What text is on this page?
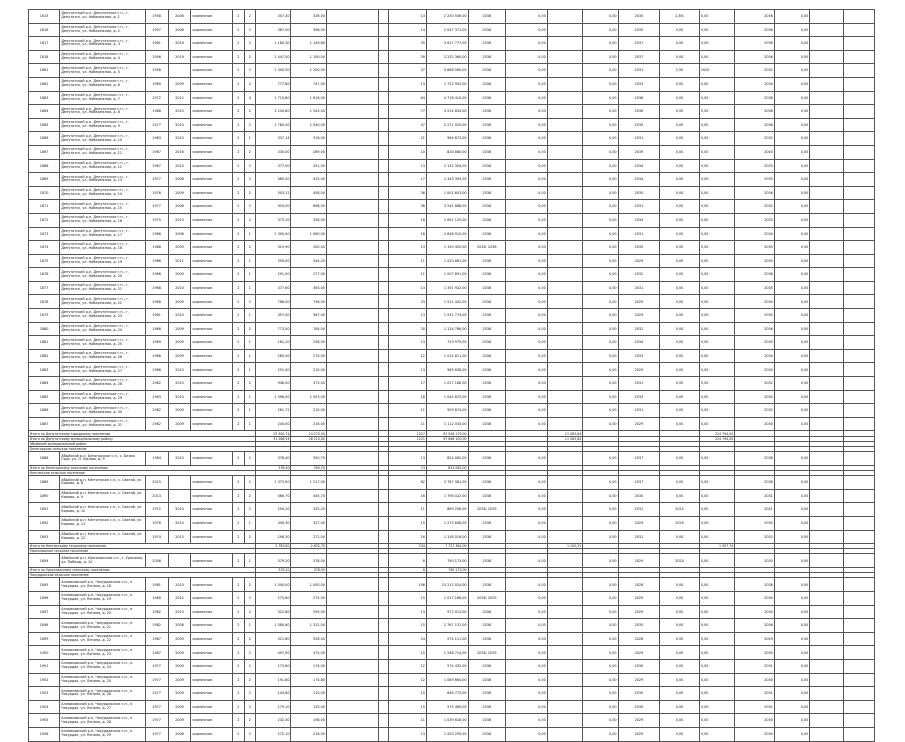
1815	Депутатский р-н, Депутатское г.п., г. Депутатск, ул. Набережная, д. 1	1958	2006	кирпичные	2	2	357,30	326,00			13	2 250 506,00	2038	0,00		0,00	2035	2,8%	0,00	2036	0,00		
1816	Депутатский р-н, Депутатское г.п., г. Депутатск, ул. Набережная, д. 2	1957	2008	кирпичные	2	2	387,00	396,00			14	2 047 371,00	2038	0,00		0,00	2035	0,00	0,00	2036	0,00		
1817	Депутатский р-н, Депутатское г.п., г. Депутатск, ул. Набережная, д. 3	1961	2016	кирпичные	2	2	1 180,30	1 149,60			35	3 617 777,00	2038	0,00		0,00	2037	0,00	0,00	2038	0,00		
1818	Депутатский р-н, Депутатское г.п., г. Депутатск, ул. Набережная, д. 4	1956	2019	кирпичные	2	2	1 447,50	1 100,00			39	3 232 360,00	2038	0,00		0,00	2037	0,00	0,00	2036	0,00		
1861	Депутатский р-н, Депутатское г.п., г. Депутатск, ул. Набережная, д. 5	1958		кирпичные	2	2	1 300,50	1 200,00			37	3 668 560,00	2038	0,00		0,00	2031	2,50	2020	2032	0,00		
1862	Депутатский р-н, Депутатское г.п., г. Депутатск, ул. Набережная, д. 6	1969	2009	кирпичные	2	2	777,80	747,00			13	1 722 903,00	2038	0,00		0,00	2033	0,00	0,00	2034	0,00		
1863	Депутатский р-н, Депутатское г.п., г. Депутатск, ул. Набережная, д. 7	1972	2012	кирпичные	2	4	1 715,80	1 618,00			64	4 718 410,00	2038	0,00		0,00	2038	0,00	0,00	2038	0,00		
1864	Депутатский р-н, Депутатское г.п., г. Депутатск, ул. Набережная, д. 8	1968	2010	кирпичные	2	2	1 234,80	1 543,00			77	4 514 834,00	2038	0,00		0,00	2036	0,00	0,00	2038	0,00		
1865	Депутатский р-н, Депутатское г.п., г. Депутатск, ул. Набережная, д. 9	1977	2010	кирпичные	2	2	1 780,00	1 540,00			47	5 271 020,00	2038	0,00		0,00	2035	0,00	0,00	2036	0,00		
1866	Депутатский р-н, Депутатское г.п., г. Депутатск, ул. Набережная, д. 10	1963	2010	кирпичные	2	1	337,14	316,00			21	964 673,00	2038	0,00		0,00	2031	0,00	0,00	2032	0,00		
1867	Депутатский р-н, Депутатское г.п., г. Депутатск, ул. Набережная, д. 11	1967	2016	кирпичные	2	2	330,00	289,00			10	826 880,00	2038	0,00		0,00	2039	0,00	0,00	2040	0,00		
1868	Депутатский р-н, Депутатское г.п., г. Депутатск, ул. Набережная, д. 12	1967	2010	кирпичные	2	2	377,00	351,00			13	2 131 354,00	2038	0,00		0,00	2034	0,00	0,00	2033	0,00		
1869	Депутатский р-н, Депутатское г.п., г. Депутатск, ул. Набережная, д. 13	1977	2006	кирпичные	2	2	480,00	425,00			17	1 343 394,00	2038	0,00		0,00	2034	0,00	0,00	2035	0,00		
1870	Депутатский р-н, Депутатское г.п., г. Депутатск, ул. Набережная, д. 14	1976	2009	кирпичные	2	2	503,12	458,00			36	1 001 803,00	2038	0,00		0,00	2035	0,00	0,00	2036	0,00		
1871	Депутатский р-н, Депутатское г.п., г. Депутатск, ул. Набережная, д. 15	1977	2008	кирпичные	2	2	920,00	896,00			38	3 241 668,00	2038	0,00		0,00	2031	0,00	0,00	2032	0,00		
1872	Депутатский р-н, Депутатское г.п., г. Депутатск, ул. Набережная, д. 16	1975	2010	кирпичные	2	2	373,10	336,00			18	1 691 120,00	2038	0,00		0,00	2034	0,00	0,00	2033	0,00		
1873	Депутатский р-н, Депутатское г.п., г. Депутатск, ул. Набережная, д. 17	1968	2006	кирпичные	2	1	1 300,00	1 060,00			16	2 648 910,00	2038	0,00		0,00	2031	0,00	0,00	2034	0,00		
1874	Депутатский р-н, Депутатское г.п., г. Депутатск, ул. Набережная, д. 18	1968	2009	кирпичные	2	2	319,90	200,00			13	1 150 405,00	2038, 2038	0,00		0,00	2035	0,00	0,00	2035	0,00		
1875	Депутатский р-н, Депутатское г.п., г. Депутатск, ул. Набережная, д. 19	1966	2011	кирпичные	2	1	509,00	344,20			11	1 520 661,00	2038	0,00		0,00	2029	0,00	0,00	2030	0,00		
1876	Депутатский р-н, Депутатское г.п., г. Депутатск, ул. Набережная, д. 20	1966	2009	кирпичные	2	1	291,00	277,00			11	1 007 891,00	2038	0,00		0,00	2032	0,00	0,00	2036	0,00		
1877	Депутатский р-н, Депутатское г.п., г. Депутатск, ул. Набережная, д. 21	1968	2010	кирпичные	2	1	377,80	363,00			13	1 351 922,00	2038	0,00		0,00	2031	0,00	0,00	2035	0,00		
1878	Депутатский р-н, Депутатское г.п., г. Депутатск, ул. Набережная, д. 22	1968	2009	кирпичные	2	2	788,00	736,00			23	1 511 442,00	2038	0,00		0,00	2029	0,00	0,00	2030	0,00		
1879	Депутатский р-н, Депутатское г.п., г. Депутатск, ул. Набережная, д. 23	1961	2010	кирпичные	2	1	357,00	367,00			13	1 531 774,00	2038	0,00		0,00	2029	0,00	0,00	2030	0,00		
1880	Депутатский р-н, Депутатское г.п., г. Депутатск, ул. Набережная, д. 24	1968	2009	кирпичные	2	2	773,00	784,00			30	1 124 786,00	2038	0,00		0,00	2032	0,00	0,00	2036	0,00		
1881	Депутатский р-н, Депутатское г.п., г. Депутатск, ул. Набережная, д. 25	1969	2009	кирпичные	2	1	181,20	258,00			13	723 975,00	2038	0,00		0,00	2034	0,00	0,00	2035	0,00		
1882	Депутатский р-н, Депутатское г.п., г. Депутатск, ул. Набережная, д. 26	1968	2009	кирпичные	2	1	285,00	275,00			12	1 014 611,00	2038	0,00		0,00	2033	0,00	0,00	2034	0,00		
1883	Депутатский р-н, Депутатское г.п., г. Депутатск, ул. Набережная, д. 27	1968	2010	кирпичные	2	1	251,00	215,00			13	965 636,00	2038	0,00		0,00	2029	0,00	0,00	2030	0,00		
1884	Депутатский р-н, Депутатское г.п., г. Депутатск, ул. Набережная, д. 28	1962	2010	кирпичные	2	2	946,00	373,00			17	1 027 186,00	2038	0,00		0,00	2031	0,00	0,00	2032	0,00		
1885	Депутатский р-н, Депутатское г.п., г. Депутатск, ул. Набережная, д. 29	1963	2010	кирпичные	2	1	1 098,00	1 053,00			18	1 044 675,00	2038	0,00		0,00	2033	0,00	0,00	2034	0,00		
1886	Депутатский р-н, Депутатское г.п., г. Депутатск, ул. Набережная, д. 30	1962	2009	кирпичные	2	1	261,72	215,00			11	909 874,00	2038	0,00		0,00	2031	0,00	0,00	2032	0,00		
1887	Депутатский р-н, Депутатское г.п., г. Депутатск, ул. Набережная, д. 31	1962	2009	кирпичные	2	1	244,00	216,00			11	1 112 034,00	2038	0,00		0,00	2029	0,00	0,00	2030	0,00		
Итого по Депутатскому городскому поселению							25 300,74	24 270,00			1027	67 548 179,00			11 083,64				224 794,00				
Итого по Депутатскому муниципальному району							31 288,54	28 210,00			1221	97 666 100,00			11 083,64				224 794,00				
Абыйский муниципальный район																							
Белогорское сельское поселение																							
1888	Абыйский р-н, Белогорское с.п., с. Белая Гора, ул. Л. Попова, д. 9	1984	2010	кирпичные	2	2	378,40	350,70			13	824 062,00	2038	0,00		0,00	2037	0,00	0,00	2038	0,00		
Итого по Белогорскому сельскому поселению							378,40	350,70			13	824 062,00											
Кенгинское сельское поселение																							
1889	Абыйский р-н, Кенгинское с.п., с. Сватай, ул. Кирова, д. 8	2015		кирпичные	2	2	1 373,90	1 217,00			62	3 767 081,00	2038	0,00		0,00	2037	0,00	0,00	2038	0,00		
1890	Абыйский р-н, Кенгинское с.п., с. Сватай, ул. Кирова, д. 9	2013		кирпичные	2	2	466,70	445,70			16	1 798 022,00	2038	0,00		0,00	2030	0,00	0,00	2031	0,00		
1891	Абыйский р-н, Кенгинское с.п., с. Сватай, ул. Кирова, д. 10	1972	2010	кирпичные	2	2	294,20	325,20			11	869 206,00	2038, 2029	0,00		0,00	2031	2021	0,00	2021	0,00		
1892	Абыйский р-н, Кенгинское с.п., с. Сватай, ул. Кирова, д. 11	1978	2014	кирпичные	2	1	349,30	327,00			15	1 273 646,00	2038	0,00		0,00	2029	2020	0,00	2030	0,00		
1893	Абыйский р-н, Кенгинское с.п., с. Сватай, ул. Кирова, д. 12	1974	2015	кирпичные	2	2	298,30	272,00			16	1 158 016,00	2038	0,00		0,00	2031	0,00	0,00	2032	0,00		
Итого по Кенгинскому сельскому поселению							2 783,80	2 632,70			234	7 727 384,00			1 105,31				1 957,74				
Урасалахское сельское поселение																							
1894	Абыйский р-н, Урасалахское с.п., с. Урасалах, ул. Победы, д. 10	2008		кирпичные	2	1	379,20	378,00			8	790 173,00	2038	0,00		0,00	2029	2020	0,00	2030	0,00		
Итого по Урасалахскому сельскому поселению							379,20	378,00			8	790 173,00											
Чокурдахское сельское поселение																							
1895	Аллаиховский р-н, Чокурдахское с.п., п. Чокурдах, ул. Ленина, д. 18	1981	2010	кирпичные	2	2	1 000,00	1 000,00			198	15 212 024,00	2038	0,00		0,00	2028	0,00	0,00	2038	0,00		
1896	Аллаиховский р-н, Чокурдахское с.п., п. Чокурдах, ул. Ленина, д. 19	1980	2012	кирпичные	2	2	275,80	275,00			15	1 017 186,00	2038, 2029	0,00		0,00	2029	0,00	0,00	2030	0,00		
1897	Аллаиховский р-н, Чокурдахское с.п., п. Чокурдах, ул. Ленина, д. 20	1982	2010	кирпичные	2	2	322,80	295,00			13	972 013,00	2038	0,00		0,00	2029	0,00	0,00	2030	0,00		
1898	Аллаиховский р-н, Чокурдахское с.п., п. Чокурдах, ул. Ленина, д. 21	1982	2008	кирпичные	2	1	1 380,60	1 312,00			15	2 767 137,00	2038	0,00		0,00	2035	0,00	0,00	2036	0,00		
1899	Аллаиховский р-н, Чокурдахское с.п., п. Чокурдах, ул. Ленина, д. 22	1987	2009	кирпичные	2	2	511,80	526,00			24	974 111,00	2038	0,00		0,00	2028	0,00	0,00	2029	0,00		
1900	Аллаиховский р-н, Чокурдахское с.п., п. Чокурдах, ул. Ленина, д. 23	1987	2009	кирпичные	2	2	497,00	475,00			15	1 248 714,00	2038, 2029	0,00		0,00	2029	0,00	0,00	2030	0,00		
1901	Аллаиховский р-н, Чокурдахское с.п., п. Чокурдах, ул. Ленина, д. 24	1977	2009	кирпичные	2	2	173,60	174,00			12	574 432,00	2038	0,00		0,00	2030	0,00	0,00	2031	0,00		
1902	Аллаиховский р-н, Чокурдахское с.п., п. Чокурдах, ул. Ленина, д. 25	1977	2009	кирпичные	2	2	191,80	174,80			12	1 089 664,00	2038	0,00		0,00	2029	0,00	0,00	2030	0,00		
1903	Аллаиховский р-н, Чокурдахское с.п., п. Чокурдах, ул. Ленина, д. 26	1977	2009	кирпичные	2	2	143,60	110,00			10	646 773,00	2038	0,00		0,00	2030	0,00	0,00	2031	0,00		
1904	Аллаиховский р-н, Чокурдахское с.п., п. Чокурдах, ул. Ленина, д. 27	1977	2009	кирпичные	2	2	179,10	125,00			15	575 489,00	2038	0,00		0,00	2030	0,00	0,00	2031	0,00		
1905	Аллаиховский р-н, Чокурдахское с.п., п. Чокурдах, ул. Ленина, д. 28	1977	2009	кирпичные	2	2	232,30	198,00			11	1 039 618,00	2038	0,00		0,00	2029	0,00	0,00	2030	0,00		
1906	Аллаиховский р-н, Чокурдахское с.п., п. Чокурдах, ул. Ленина, д. 29	1977	2008	кирпичные	2	2	272,10	218,00			13	1 203 259,00	2038	0,00		0,00	2029	0,00	0,00	2030	0,00		
